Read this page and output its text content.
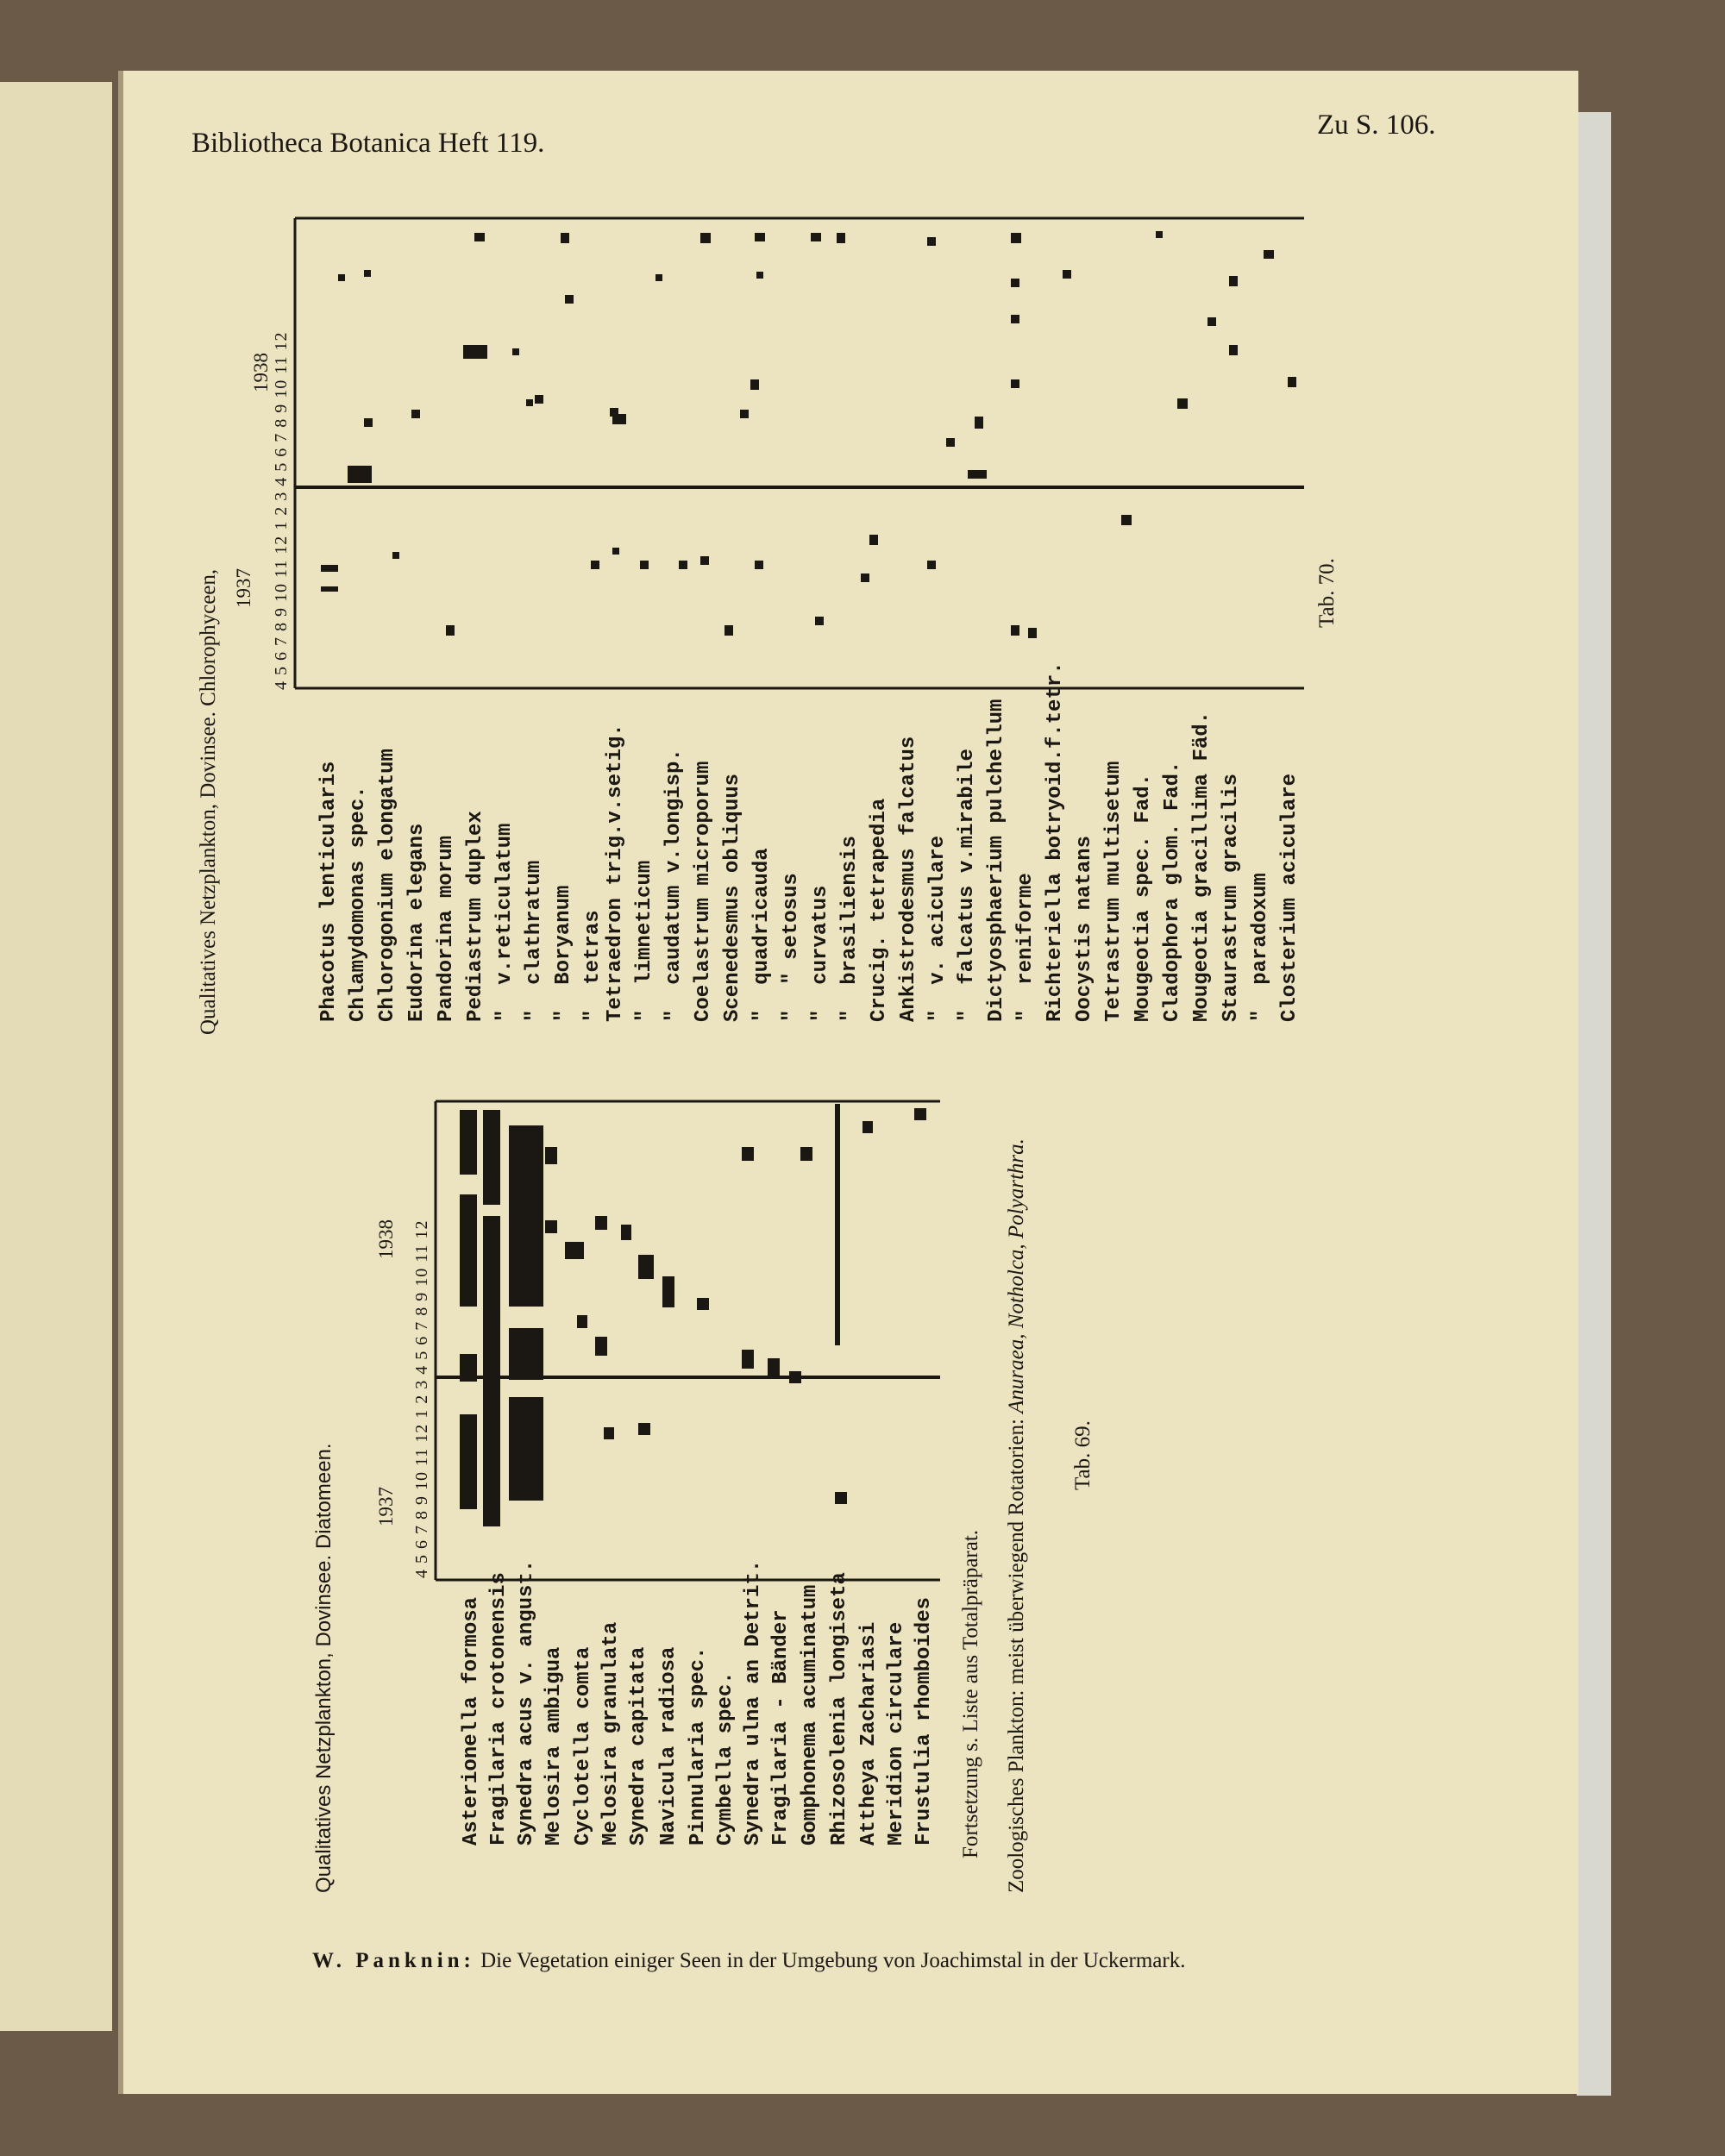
Bibliotheca Botanica Heft 119.
Zu S. 106.
W. Panknin: Die Vegetation einiger Seen in der Umgebung von Joachimstal in der Uckermark.
Qualitatives Netzplankton, Dovinsee. Chlorophyceen, 1937
1938 4 5 6 7 8 9 10 11 12 1 2 3 4 5 6 7 8 9 10 11 12	Tab. 70.
Phacotus lenticularis Chlamydomonas spec. Chlorogonium elongatum Eudorina elegans Pandorina morum Pediastrum duplex "  v.reticulatum "  clathratum "  Boryanum "  tetras Tetraedron trig.v.setig. "  limneticum "  caudatum v.longisp. Coelastrum microporum Scenedesmus obliquus "  quadricauda "  " setosus "  curvatus "  brasiliensis Crucig. tetrapedia Ankistrodesmus falcatus "  v. aciculare "  falcatus v.mirabile Dictyosphaerium pulchellum "  reniforme Richteriella botryoid.f.tetr. Oocystis natans Tetrastrum multisetum Mougeotia spec. Fad. Cladophora glom. Fad. Mougeotia gracillima Fäd. Staurastrum gracilis "  paradoxum Closterium aciculare
Qualitatives Netzplankton, Dovinsee. Diatomeen. 1937
1938 4 5 6 7 8 9 10 11 12 1 2 3 4 5 6 7 8 9 10 11 12
Asterionella formosa Fragilaria crotonensis Synedra acus v. angust. Melosira ambigua Cyclotella comta Melosira granulata Synedra capitata Navicula radiosa Pinnularia spec. Cymbella spec. Synedra ulna an Detrit. Fragilaria - Bänder Gomphonema acuminatum Rhizosolenia longiseta Attheya Zachariasi Meridion circulare Frustulia rhomboides Fortsetzung s. Liste aus Totalpräparat. Zoologisches Plankton: meist überwiegend Rotatorien: Anuraea, Notholca, Polyarthra.
Tab. 69.
